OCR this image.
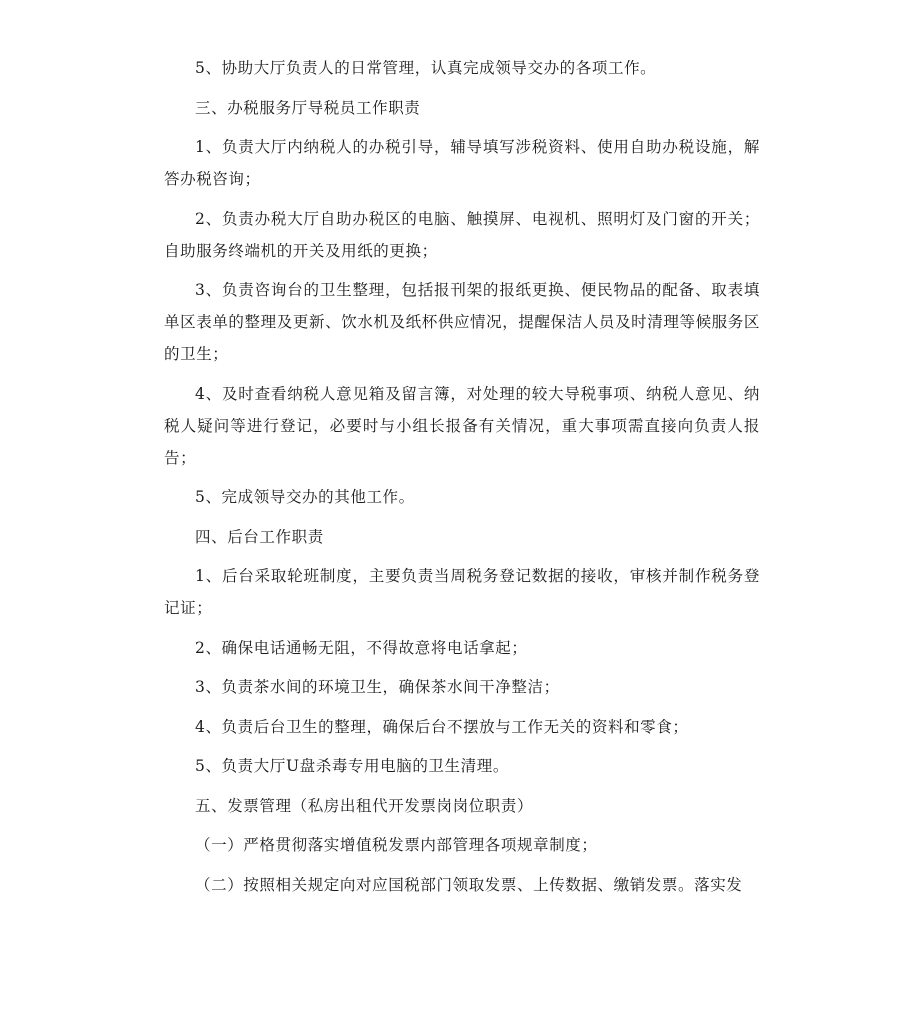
5、协助大厅负责人的日常管理，认真完成领导交办的各项工作。

三、办税服务厅导税员工作职责

1、负责大厅内纳税人的办税引导，辅导填写涉税资料、使用自助办税设施，解答办税咨询；

2、负责办税大厅自助办税区的电脑、触摸屏、电视机、照明灯及门窗的开关；自助服务终端机的开关及用纸的更换；

3、负责咨询台的卫生整理，包括报刊架的报纸更换、便民物品的配备、取表填单区表单的整理及更新、饮水机及纸杯供应情况，提醒保洁人员及时清理等候服务区的卫生；

4、及时查看纳税人意见箱及留言簿，对处理的较大导税事项、纳税人意见、纳税人疑问等进行登记，必要时与小组长报备有关情况，重大事项需直接向负责人报告；

5、完成领导交办的其他工作。

四、后台工作职责

1、后台采取轮班制度，主要负责当周税务登记数据的接收，审核并制作税务登记证；

2、确保电话通畅无阻，不得故意将电话拿起；

3、负责茶水间的环境卫生，确保茶水间干净整洁；

4、负责后台卫生的整理，确保后台不摆放与工作无关的资料和零食；

5、负责大厅U盘杀毒专用电脑的卫生清理。

五、发票管理（私房出租代开发票岗岗位职责）

（一）严格贯彻落实增值税发票内部管理各项规章制度；

（二）按照相关规定向对应国税部门领取发票、上传数据、缴销发票。落实发
